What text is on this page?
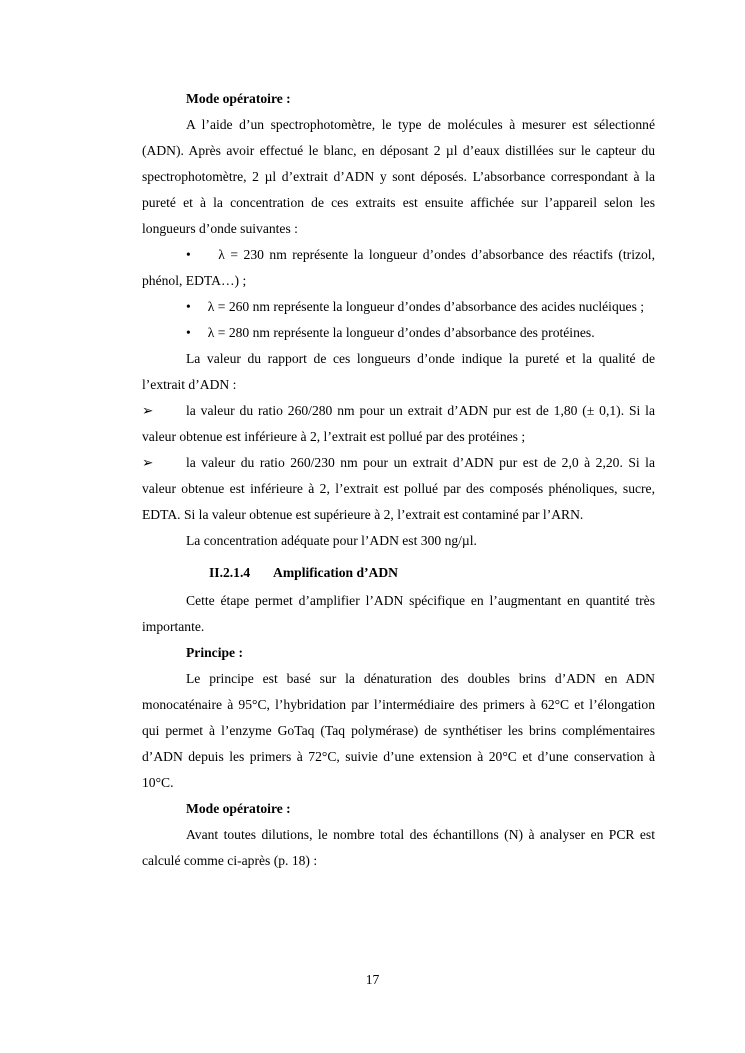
Mode opératoire :

A l’aide d’un spectrophotomètre, le type de molécules à mesurer est sélectionné (ADN). Après avoir effectué le blanc, en déposant 2 µl d’eaux distillées sur le capteur du spectrophotomètre, 2 µl d’extrait d’ADN y sont déposés. L’absorbance correspondant à la pureté et à la concentration de ces extraits est ensuite affichée sur l’appareil selon les longueurs d’onde suivantes :

• λ = 230 nm représente la longueur d’ondes d’absorbance des réactifs (trizol, phénol, EDTA…) ;

• λ = 260 nm représente la longueur d’ondes d’absorbance des acides nucléiques ;

• λ = 280 nm représente la longueur d’ondes d’absorbance des protéines.

La valeur du rapport de ces longueurs d’onde indique la pureté et la qualité de l’extrait d’ADN :

➢ la valeur du ratio 260/280 nm pour un extrait d’ADN pur est de 1,80 (± 0,1). Si la valeur obtenue est inférieure à 2, l’extrait est pollué par des protéines ;

➢ la valeur du ratio 260/230 nm pour un extrait d’ADN pur est de 2,0 à 2,20. Si la valeur obtenue est inférieure à 2, l’extrait est pollué par des composés phénoliques, sucre, EDTA. Si la valeur obtenue est supérieure à 2, l’extrait est contaminé par l’ARN.

La concentration adéquate pour l’ADN est 300 ng/µl.

II.2.1.4 Amplification d’ADN

Cette étape permet d’amplifier l’ADN spécifique en l’augmentant en quantité très importante.

Principe :

Le principe est basé sur la dénaturation des doubles brins d’ADN en ADN monocaténaire à 95°C, l’hybridation par l’intermédiaire des primers à 62°C et l’élongation qui permet à l’enzyme GoTaq (Taq polymérase) de synthétiser les brins complémentaires d’ADN depuis les primers à 72°C, suivie d’une extension à 20°C et d’une conservation à 10°C.

Mode opératoire :

Avant toutes dilutions, le nombre total des échantillons (N) à analyser en PCR est calculé comme ci-après (p. 18) :

17
